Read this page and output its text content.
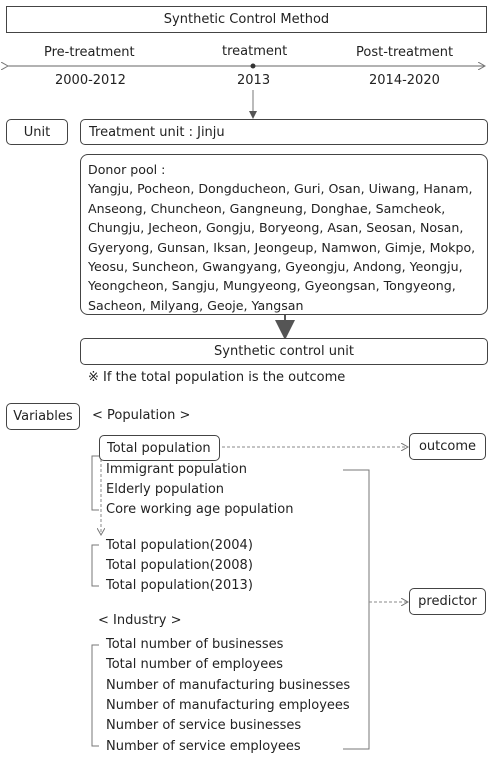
Synthetic Control Method
Pre-treatment	treatment	Post-treatment
2000-2012	2013	2014-2020
Unit	Treatment unit : Jinju
Donor pool :
Yangju, Pocheon, Dongducheon, Guri, Osan, Uiwang, Hanam,
Anseong, Chuncheon, Gangneung, Donghae, Samcheok,
Chungju, Jecheon, Gongju, Boryeong, Asan, Seosan, Nosan,
Gyeryong, Gunsan, Iksan, Jeongeup, Namwon, Gimje, Mokpo,
Yeosu, Suncheon, Gwangyang, Gyeongju, Andong, Yeongju,
Yeongcheon, Sangju, Mungyeong, Gyeongsan, Tongyeong,
Sacheon, Milyang, Geoje, Yangsan
Synthetic control unit
※ If the total population is the outcome
Variables < Population >
Total population
Immigrant population
Elderly population
Core working age population
Total population(2004)
Total population(2008)
Total population(2013)
< Industry >
Total number of businesses
Total number of employees
Number of manufacturing businesses
Number of manufacturing employees
Number of service businesses
Number of service employees
outcome
predictor
